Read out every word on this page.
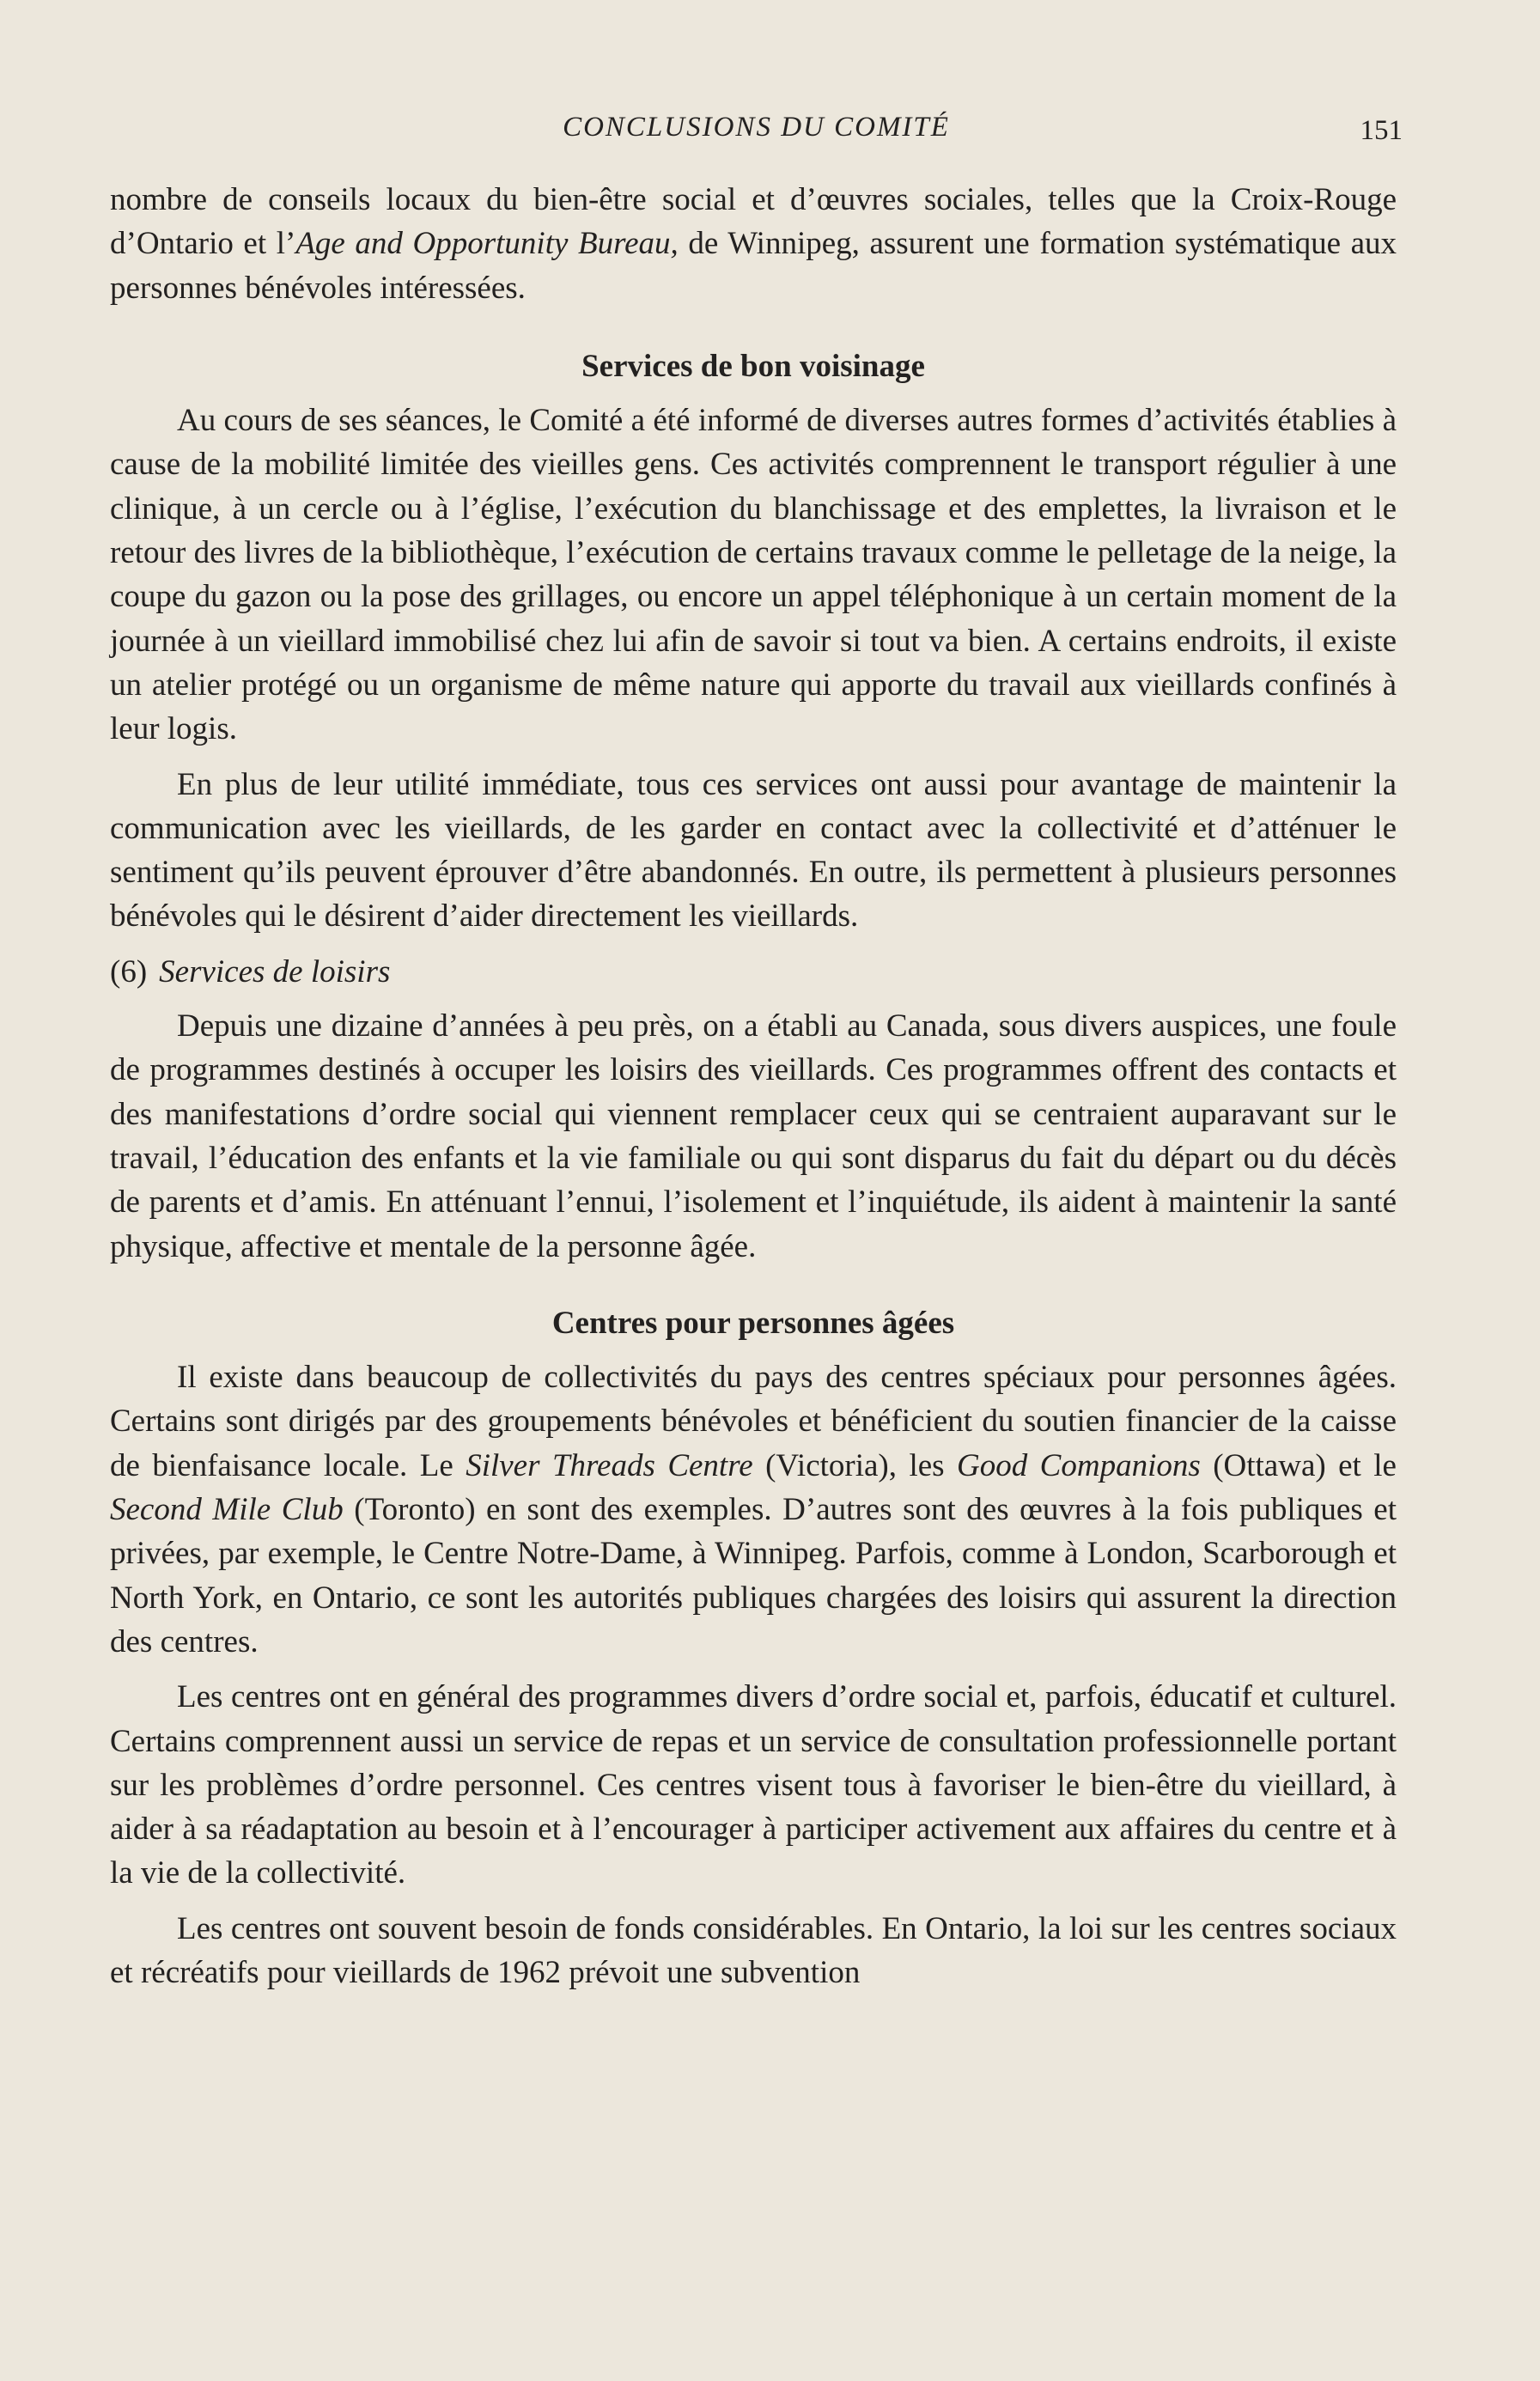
CONCLUSIONS DU COMITÉ	151

nombre de conseils locaux du bien-être social et d’œuvres sociales, telles que la Croix-Rouge d’Ontario et l’Age and Opportunity Bureau, de Winnipeg, assurent une formation systématique aux personnes bénévoles intéressées.

Services de bon voisinage

Au cours de ses séances, le Comité a été informé de diverses autres formes d’activités établies à cause de la mobilité limitée des vieilles gens. Ces activités comprennent le transport régulier à une clinique, à un cercle ou à l’église, l’exécution du blanchissage et des emplettes, la livraison et le retour des livres de la bibliothèque, l’exécution de certains travaux comme le pelletage de la neige, la coupe du gazon ou la pose des grillages, ou encore un appel téléphonique à un certain moment de la journée à un vieillard immobilisé chez lui afin de savoir si tout va bien. A certains endroits, il existe un atelier protégé ou un organisme de même nature qui apporte du travail aux vieillards confinés à leur logis.

En plus de leur utilité immédiate, tous ces services ont aussi pour avantage de maintenir la communication avec les vieillards, de les garder en contact avec la collectivité et d’atténuer le sentiment qu’ils peuvent éprouver d’être abandonnés. En outre, ils permettent à plusieurs personnes bénévoles qui le désirent d’aider directement les vieillards.

(6) Services de loisirs

Depuis une dizaine d’années à peu près, on a établi au Canada, sous divers auspices, une foule de programmes destinés à occuper les loisirs des vieillards. Ces programmes offrent des contacts et des manifestations d’ordre social qui viennent remplacer ceux qui se centraient auparavant sur le travail, l’éducation des enfants et la vie familiale ou qui sont disparus du fait du départ ou du décès de parents et d’amis. En atténuant l’ennui, l’isolement et l’inquiétude, ils aident à maintenir la santé physique, affective et mentale de la personne âgée.

Centres pour personnes âgées

Il existe dans beaucoup de collectivités du pays des centres spéciaux pour personnes âgées. Certains sont dirigés par des groupements bénévoles et bénéficient du soutien financier de la caisse de bienfaisance locale. Le Silver Threads Centre (Victoria), les Good Companions (Ottawa) et le Second Mile Club (Toronto) en sont des exemples. D’autres sont des œuvres à la fois publiques et privées, par exemple, le Centre Notre-Dame, à Winnipeg. Parfois, comme à London, Scarborough et North York, en Ontario, ce sont les autorités publiques chargées des loisirs qui assurent la direction des centres.

Les centres ont en général des programmes divers d’ordre social et, parfois, éducatif et culturel. Certains comprennent aussi un service de repas et un service de consultation professionnelle portant sur les problèmes d’ordre personnel. Ces centres visent tous à favoriser le bien-être du vieillard, à aider à sa réadaptation au besoin et à l’encourager à participer activement aux affaires du centre et à la vie de la collectivité.

Les centres ont souvent besoin de fonds considérables. En Ontario, la loi sur les centres sociaux et récréatifs pour vieillards de 1962 prévoit une subvention
